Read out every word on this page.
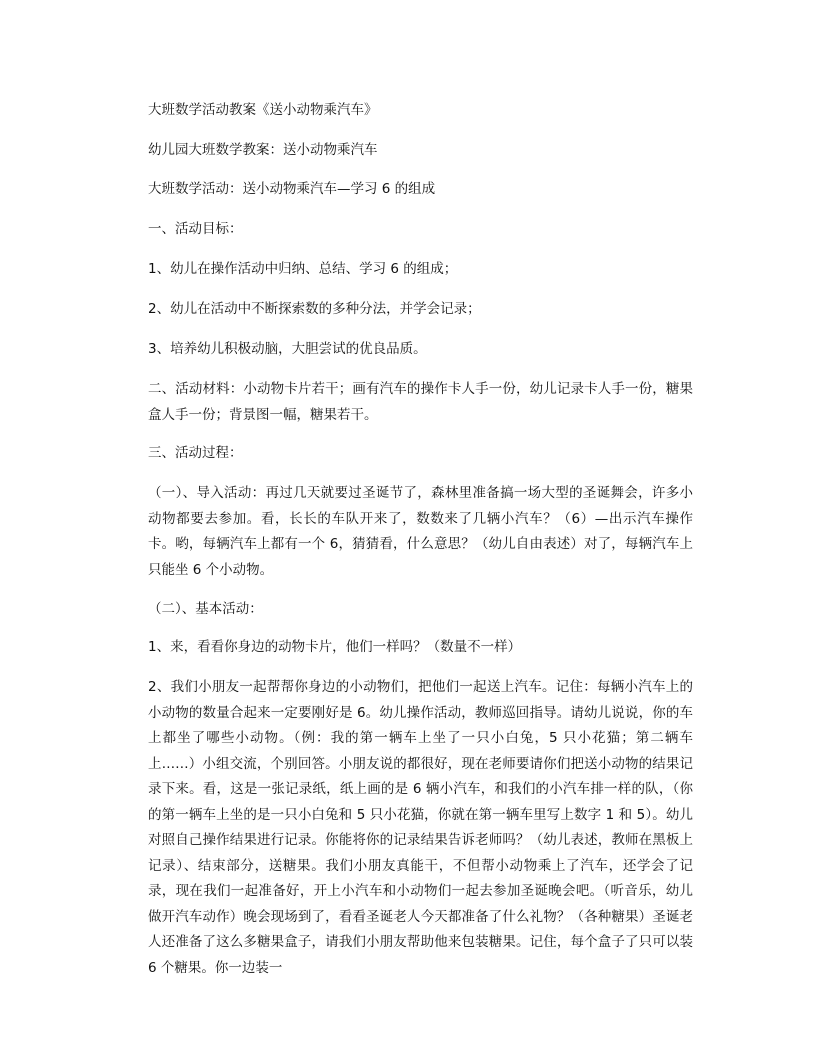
大班数学活动教案《送小动物乘汽车》

幼儿园大班数学教案：送小动物乘汽车

大班数学活动：送小动物乘汽车—学习 6 的组成

一、活动目标：

1、幼儿在操作活动中归纳、总结、学习 6 的组成；

2、幼儿在活动中不断探索数的多种分法，并学会记录；

3、培养幼儿积极动脑，大胆尝试的优良品质。

二、活动材料：小动物卡片若干；画有汽车的操作卡人手一份，幼儿记录卡人手一份，糖果盒人手一份；背景图一幅，糖果若干。

三、活动过程：

（一）、导入活动：再过几天就要过圣诞节了，森林里准备搞一场大型的圣诞舞会，许多小动物都要去参加。看，长长的车队开来了，数数来了几辆小汽车？（6）—出示汽车操作卡。哟，每辆汽车上都有一个 6，猜猜看，什么意思？（幼儿自由表述）对了，每辆汽车上只能坐 6 个小动物。

（二）、基本活动：

1、来，看看你身边的动物卡片，他们一样吗？（数量不一样）

2、我们小朋友一起帮帮你身边的小动物们，把他们一起送上汽车。记住：每辆小汽车上的小动物的数量合起来一定要刚好是 6。幼儿操作活动，教师巡回指导。请幼儿说说，你的车上都坐了哪些小动物。（例：我的第一辆车上坐了一只小白兔，5 只小花猫；第二辆车上……）小组交流，个别回答。小朋友说的都很好，现在老师要请你们把送小动物的结果记录下来。看，这是一张记录纸，纸上画的是 6 辆小汽车，和我们的小汽车排一样的队，（你的第一辆车上坐的是一只小白兔和 5 只小花猫，你就在第一辆车里写上数字 1 和 5）。幼儿对照自己操作结果进行记录。你能将你的记录结果告诉老师吗？（幼儿表述，教师在黑板上记录）、结束部分，送糖果。我们小朋友真能干，不但帮小动物乘上了汽车，还学会了记录，现在我们一起准备好，开上小汽车和小动物们一起去参加圣诞晚会吧。（听音乐，幼儿做开汽车动作）晚会现场到了，看看圣诞老人今天都准备了什么礼物？（各种糖果）圣诞老人还准备了这么多糖果盒子，请我们小朋友帮助他来包装糖果。记住，每个盒子了只可以装 6 个糖果。你一边装一
